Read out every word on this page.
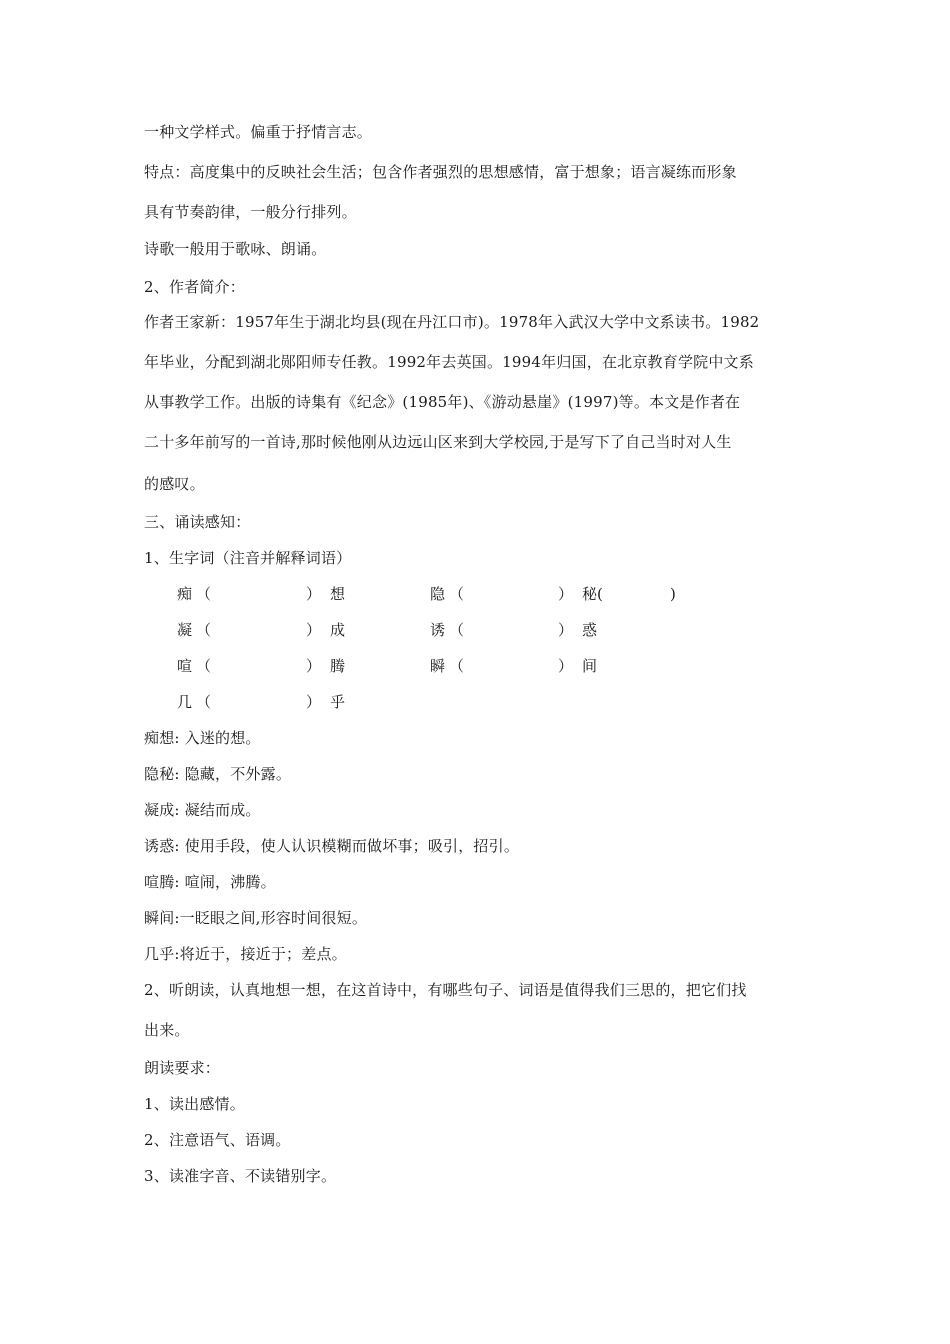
一种文学样式。偏重于抒情言志。
特点：高度集中的反映社会生活；包含作者强烈的思想感情，富于想象；语言凝练而形象
具有节奏韵律，一般分行排列。
诗歌一般用于歌咏、朗诵。
2、作者简介：
作者王家新：1957年生于湖北均县(现在丹江口市)。1978年入武汉大学中文系读书。1982
年毕业，分配到湖北郧阳师专任教。1992年去英国。1994年归国，在北京教育学院中文系
从事教学工作。出版的诗集有《纪念》(1985年)、《游动悬崖》(1997)等。本文是作者在
二十多年前写的一首诗,那时候他刚从边远山区来到大学校园,于是写下了自己当时对人生
的感叹。
三、诵读感知：
1、生字词（注音并解释词语）
痴 （	） 想	隐 （	） 秘(	)
凝 （	） 成	诱 （	） 惑
喧 （	） 腾	瞬 （	） 间
几 （	） 乎
痴想: 入迷的想。
隐秘: 隐藏，不外露。
凝成: 凝结而成。
诱惑: 使用手段，使人认识模糊而做坏事；吸引，招引。
喧腾: 喧闹，沸腾。
瞬间:一眨眼之间,形容时间很短。
几乎:将近于，接近于；差点。
2、听朗读，认真地想一想，在这首诗中，有哪些句子、词语是值得我们三思的，把它们找
出来。
朗读要求：
1、读出感情。
2、注意语气、语调。
3、读准字音、不读错别字。
